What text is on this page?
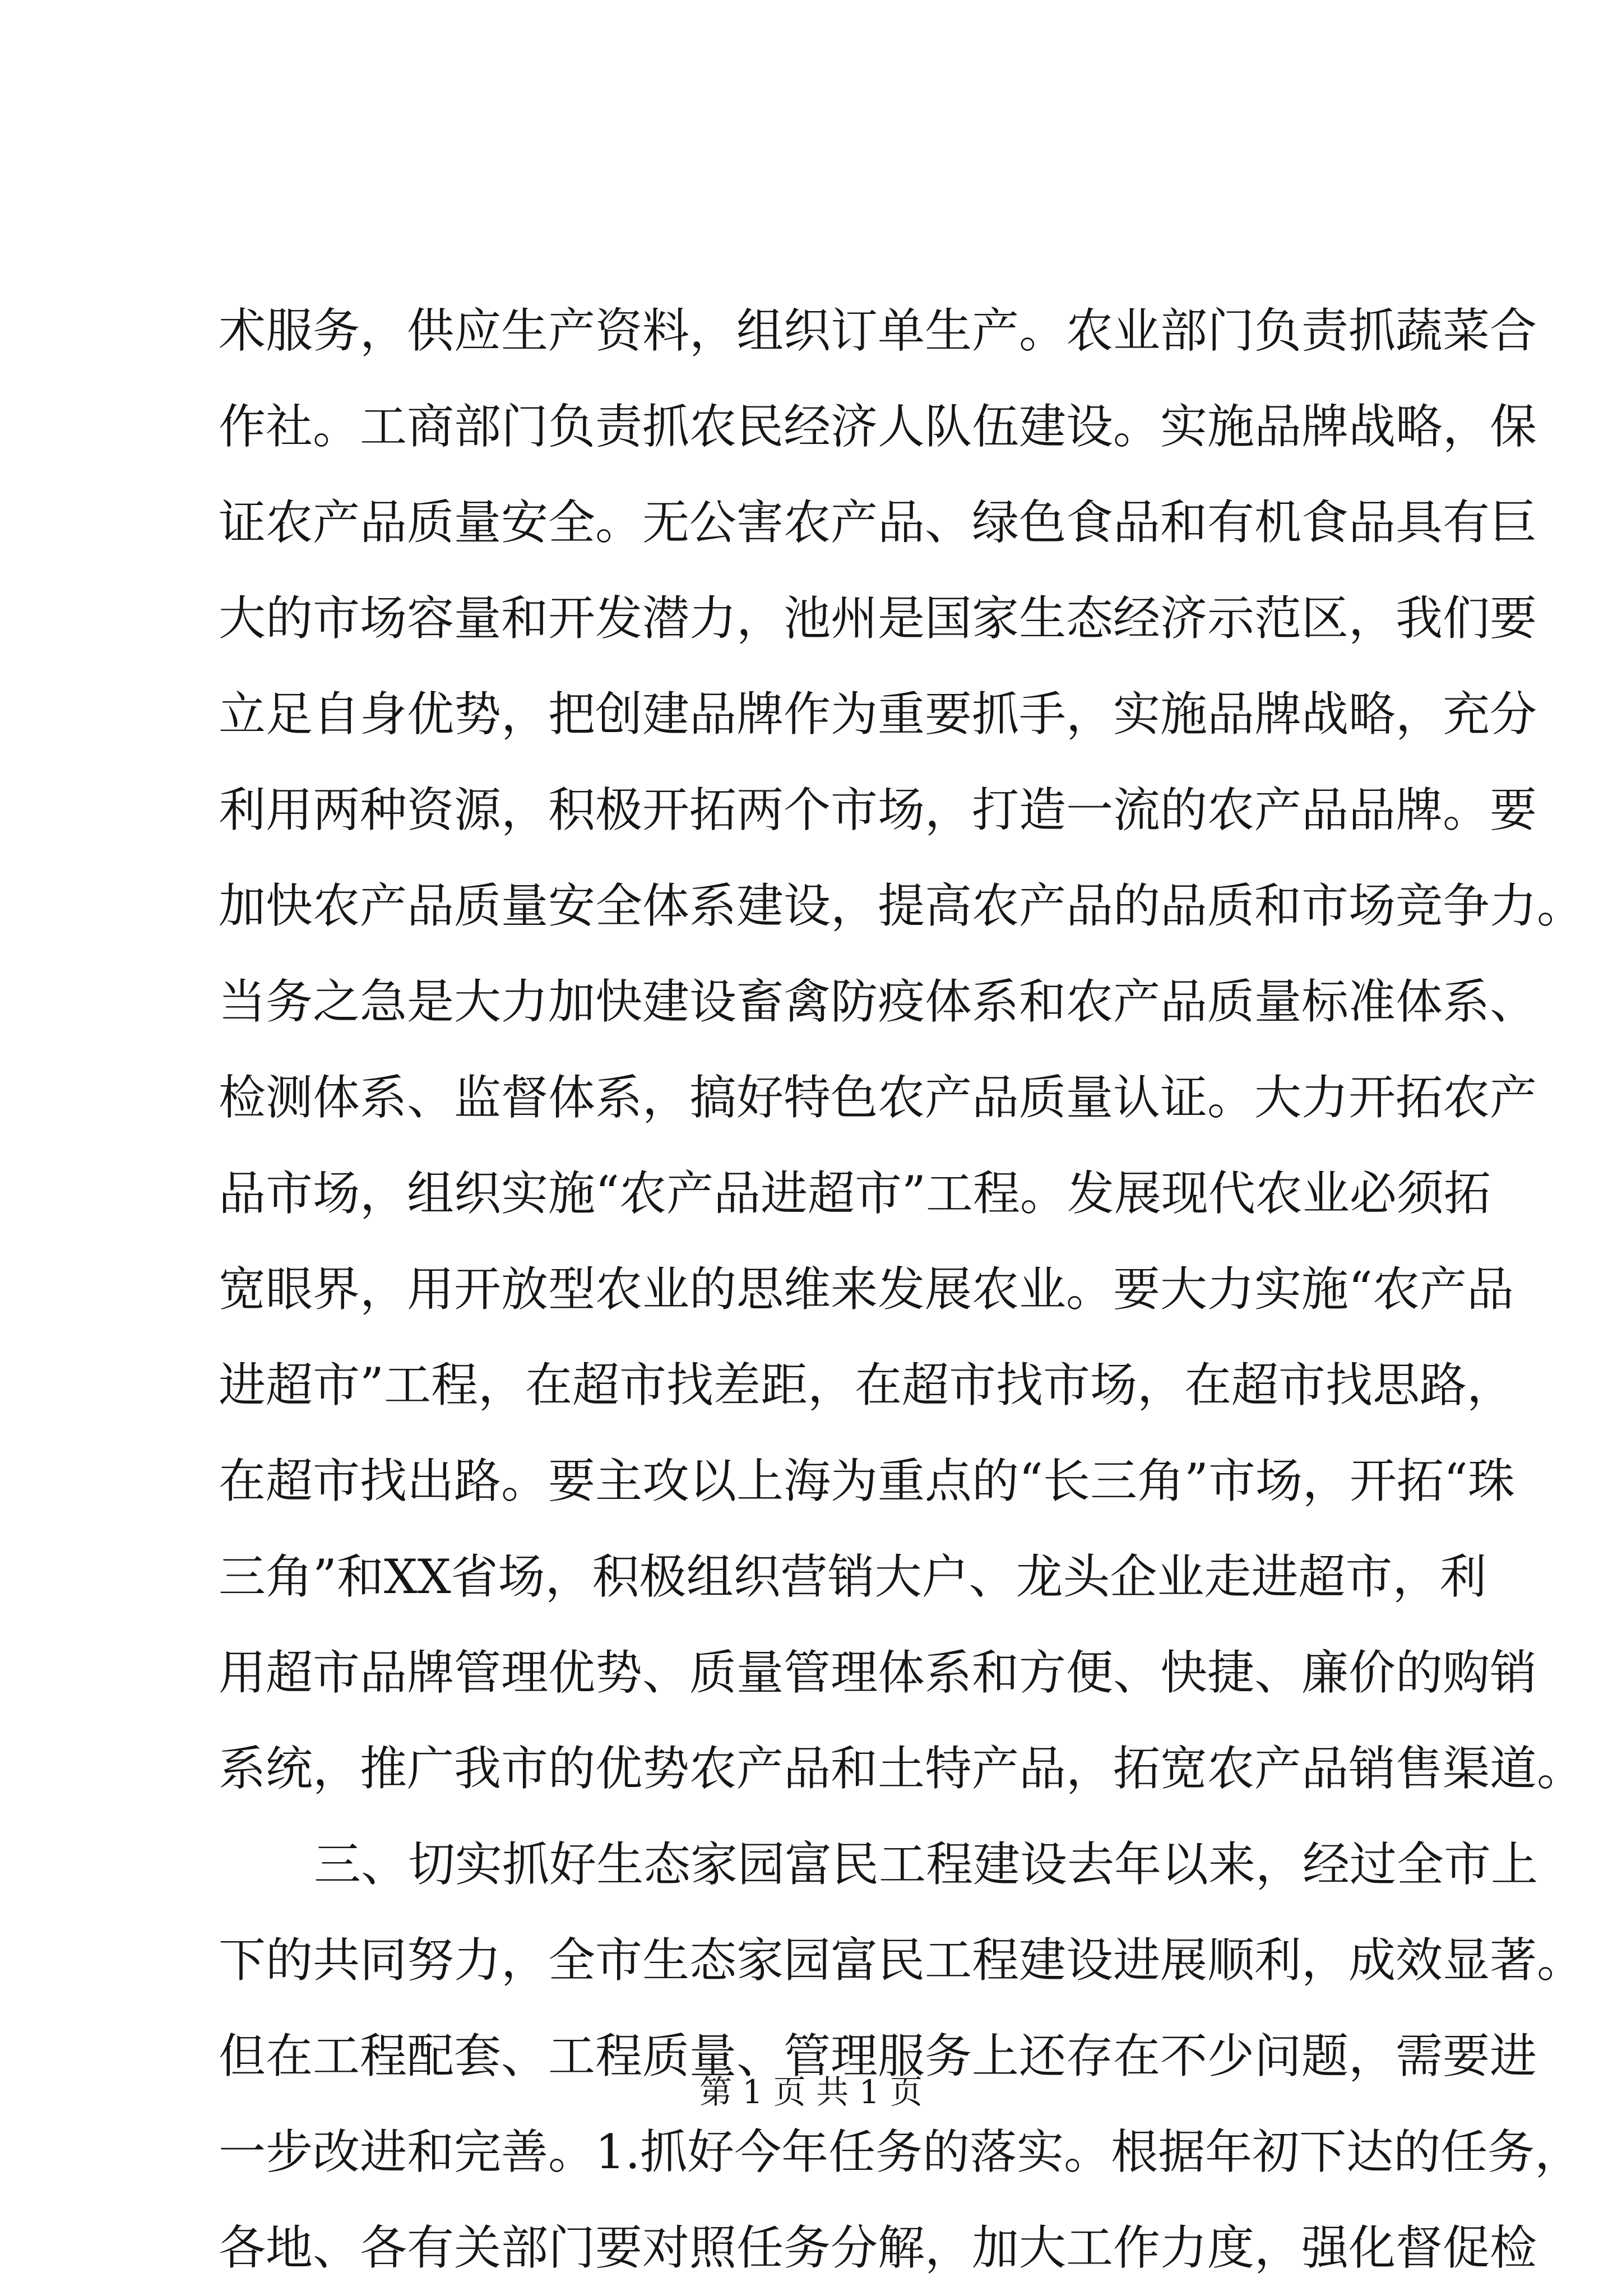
术服务，供应生产资料，组织订单生产。农业部门负责抓蔬菜合
作社。工商部门负责抓农民经济人队伍建设。实施品牌战略，保
证农产品质量安全。无公害农产品、绿色食品和有机食品具有巨
大的市场容量和开发潜力，池州是国家生态经济示范区，我们要
立足自身优势，把创建品牌作为重要抓手，实施品牌战略，充分
利用两种资源，积极开拓两个市场，打造一流的农产品品牌。要
加快农产品质量安全体系建设，提高农产品的品质和市场竞争力。
当务之急是大力加快建设畜禽防疫体系和农产品质量标准体系、
检测体系、监督体系，搞好特色农产品质量认证。大力开拓农产
品市场，组织实施“农产品进超市”工程。发展现代农业必须拓
宽眼界，用开放型农业的思维来发展农业。要大力实施“农产品
进超市”工程，在超市找差距，在超市找市场，在超市找思路，
在超市找出路。要主攻以上海为重点的“长三角”市场，开拓“珠
三角”和XX省场，积极组织营销大户、龙头企业走进超市，利
用超市品牌管理优势、质量管理体系和方便、快捷、廉价的购销
系统，推广我市的优势农产品和土特产品，拓宽农产品销售渠道。
三、切实抓好生态家园富民工程建设去年以来，经过全市上
下的共同努力，全市生态家园富民工程建设进展顺利，成效显著。
但在工程配套、工程质量、管理服务上还存在不少问题，需要进
一步改进和完善。1.抓好今年任务的落实。根据年初下达的任务，
各地、各有关部门要对照任务分解，加大工作力度，强化督促检
第 1 页 共 1 页
